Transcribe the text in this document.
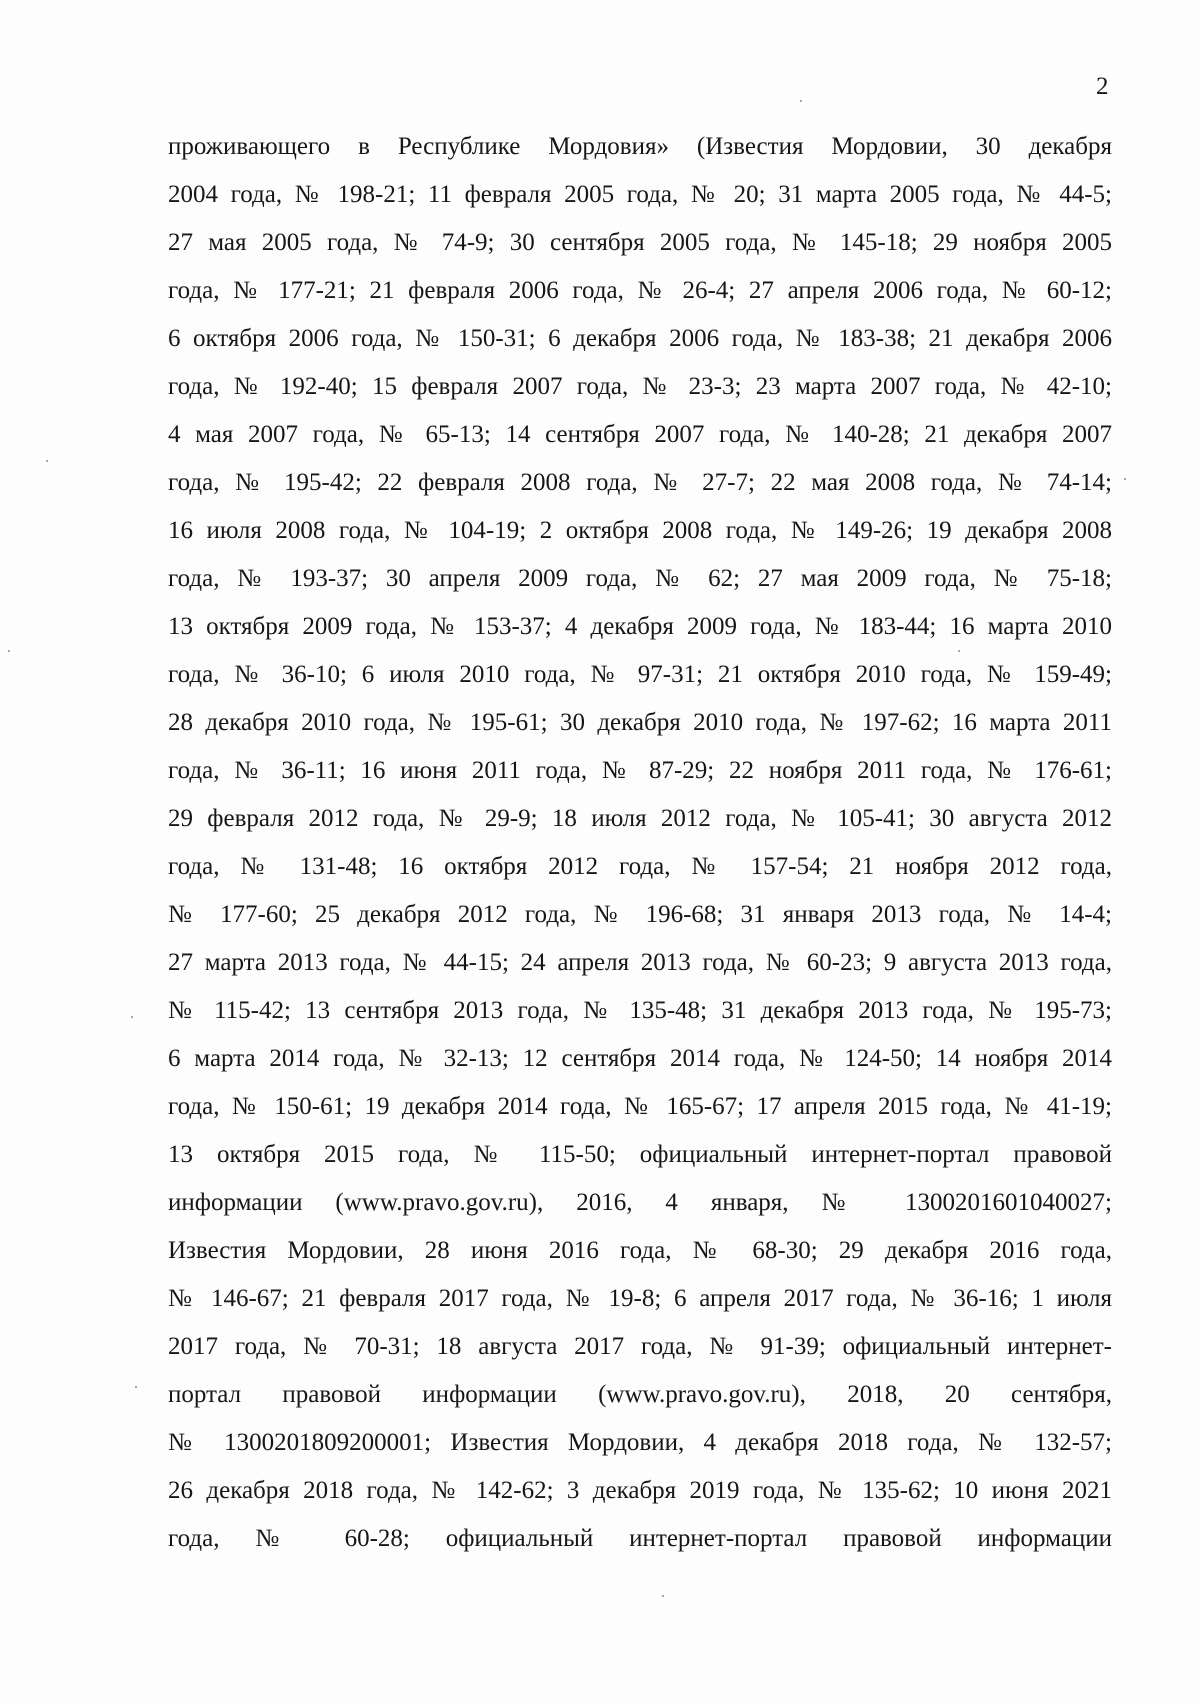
2
проживающего в Республике Мордовия» (Известия Мордовии, 30 декабря
2004 года, № 198-21; 11 февраля 2005 года, № 20; 31 марта 2005 года, № 44-5;
27 мая 2005 года, № 74-9; 30 сентября 2005 года, № 145-18; 29 ноября 2005
года, № 177-21; 21 февраля 2006 года, № 26-4; 27 апреля 2006 года, № 60-12;
6 октября 2006 года, № 150-31; 6 декабря 2006 года, № 183-38; 21 декабря 2006
года, № 192-40; 15 февраля 2007 года, № 23-3; 23 марта 2007 года, № 42-10;
4 мая 2007 года, № 65-13; 14 сентября 2007 года, № 140-28; 21 декабря 2007
года, № 195-42; 22 февраля 2008 года, № 27-7; 22 мая 2008 года, № 74-14;
16 июля 2008 года, № 104-19; 2 октября 2008 года, № 149-26; 19 декабря 2008
года, № 193-37; 30 апреля 2009 года, № 62; 27 мая 2009 года, № 75-18;
13 октября 2009 года, № 153-37; 4 декабря 2009 года, № 183-44; 16 марта 2010
года, № 36-10; 6 июля 2010 года, № 97-31; 21 октября 2010 года, № 159-49;
28 декабря 2010 года, № 195-61; 30 декабря 2010 года, № 197-62; 16 марта 2011
года, № 36-11; 16 июня 2011 года, № 87-29; 22 ноября 2011 года, № 176-61;
29 февраля 2012 года, № 29-9; 18 июля 2012 года, № 105-41; 30 августа 2012
года, № 131-48; 16 октября 2012 года, № 157-54; 21 ноября 2012 года,
№ 177-60; 25 декабря 2012 года, № 196-68; 31 января 2013 года, № 14-4;
27 марта 2013 года, № 44-15; 24 апреля 2013 года, № 60-23; 9 августа 2013 года,
№ 115-42; 13 сентября 2013 года, № 135-48; 31 декабря 2013 года, № 195-73;
6 марта 2014 года, № 32-13; 12 сентября 2014 года, № 124-50; 14 ноября 2014
года, № 150-61; 19 декабря 2014 года, № 165-67; 17 апреля 2015 года, № 41-19;
13 октября 2015 года, № 115-50; официальный интернет-портал правовой
информации (www.pravo.gov.ru), 2016, 4 января, № 1300201601040027;
Известия Мордовии, 28 июня 2016 года, № 68-30; 29 декабря 2016 года,
№ 146-67; 21 февраля 2017 года, № 19-8; 6 апреля 2017 года, № 36-16; 1 июля
2017 года, № 70-31; 18 августа 2017 года, № 91-39; официальный интернет-
портал правовой информации (www.pravo.gov.ru), 2018, 20 сентября,
№ 1300201809200001; Известия Мордовии, 4 декабря 2018 года, № 132-57;
26 декабря 2018 года, № 142-62; 3 декабря 2019 года, № 135-62; 10 июня 2021
года, № 60-28; официальный интернет-портал правовой информации
